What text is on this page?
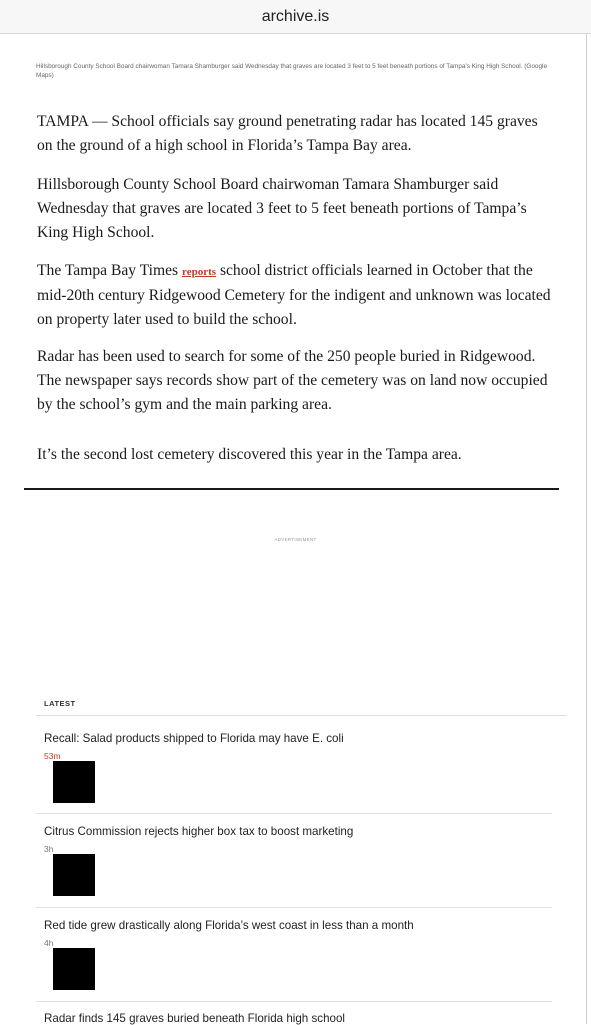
archive.is
Hillsborough County School Board chairwoman Tamara Shamburger said Wednesday that graves are located 3 feet to 5 feet beneath portions of Tampa's King High School. (Google Maps)

TAMPA — School officials say ground penetrating radar has located 145 graves on the ground of a high school in Florida’s Tampa Bay area.

Hillsborough County School Board chairwoman Tamara Shamburger said Wednesday that graves are located 3 feet to 5 feet beneath portions of Tampa’s King High School.

The Tampa Bay Times reports school district officials learned in October that the mid-20th century Ridgewood Cemetery for the indigent and unknown was located on property later used to build the school.

Radar has been used to search for some of the 250 people buried in Ridgewood. The newspaper says records show part of the cemetery was on land now occupied by the school’s gym and the main parking area.

It’s the second lost cemetery discovered this year in the Tampa area.

ADVERTISEMENT
LATEST
Recall: Salad products shipped to Florida may have E. coli
53m
Citrus Commission rejects higher box tax to boost marketing
3h
Red tide grew drastically along Florida’s west coast in less than a month
4h
Radar finds 145 graves buried beneath Florida high school
